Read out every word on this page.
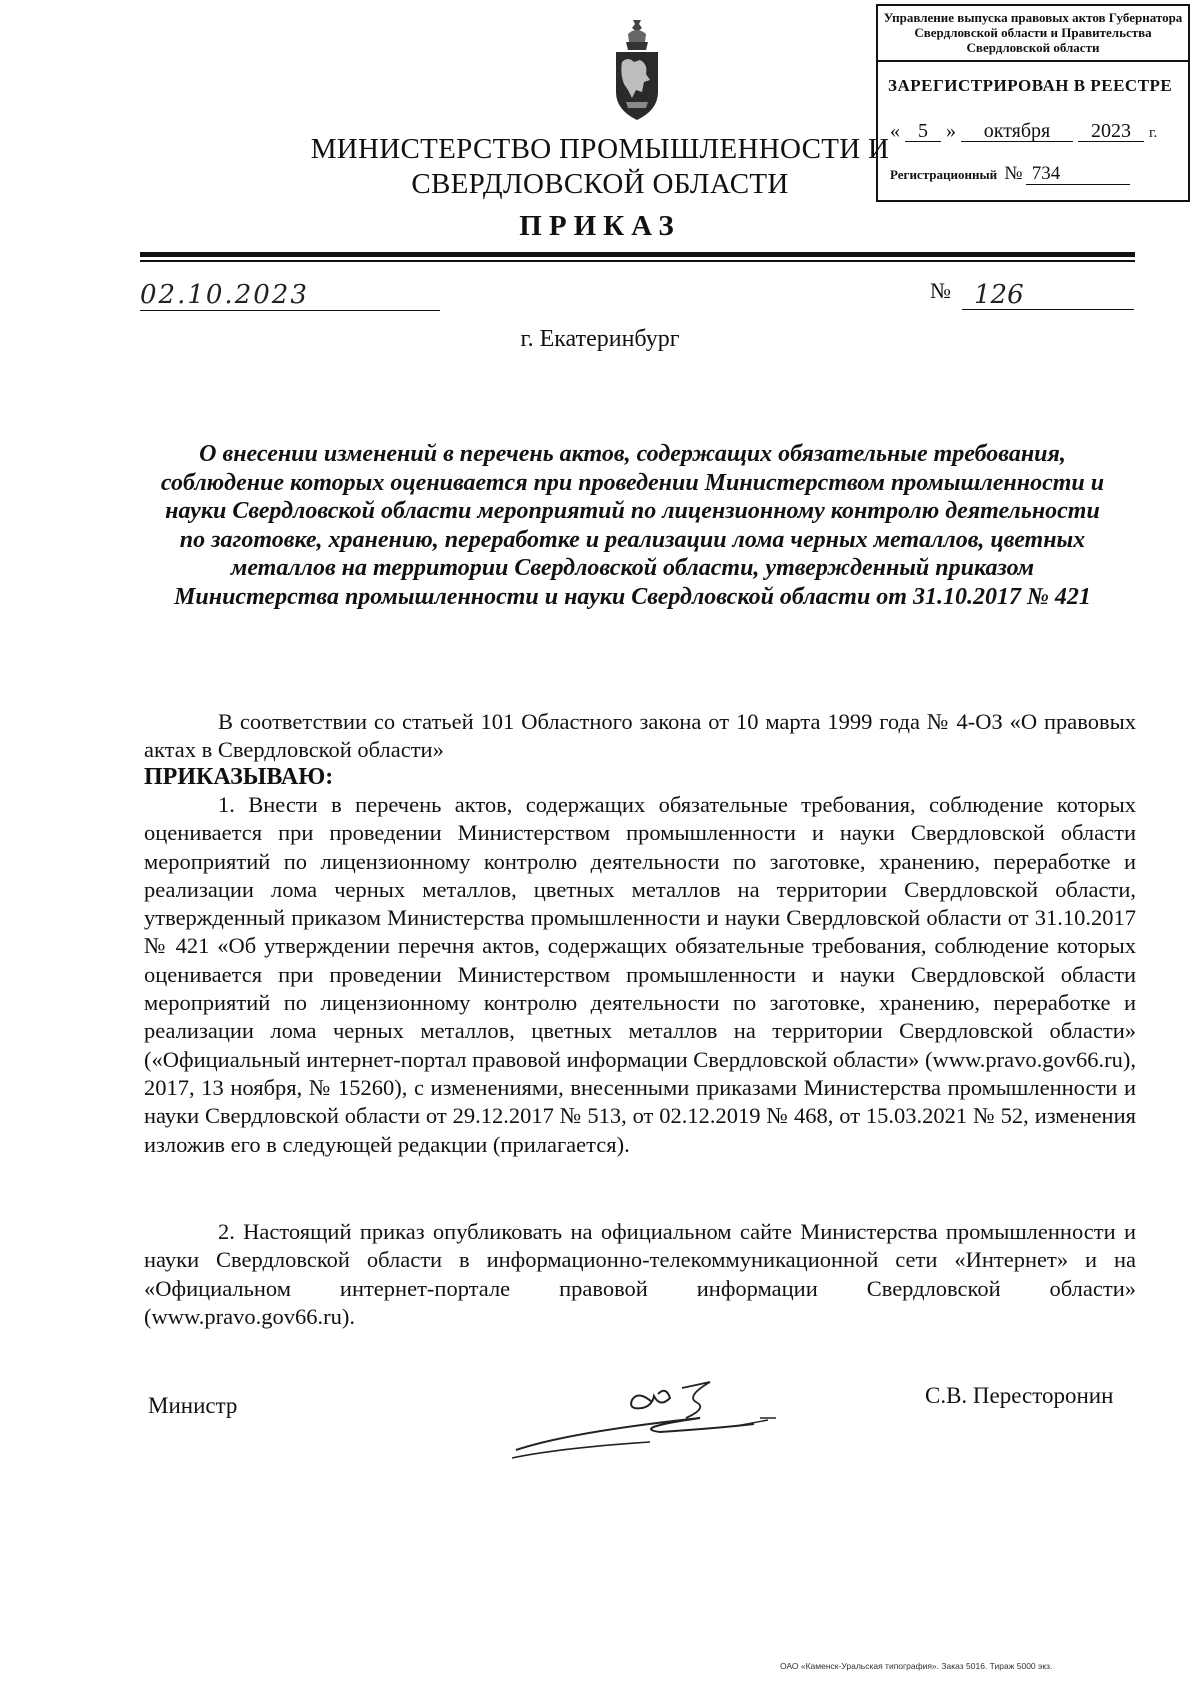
Управление выпуска правовых актов Губернатора Свердловской области и Правительства Свердловской области
ЗАРЕГИСТРИРОВАН В РЕЕСТРЕ
« 5 » октября 2023 г.
Регистрационный № 734
МИНИСТЕРСТВО ПРОМЫШЛЕННОСТИ И
СВЕРДЛОВСКОЙ ОБЛАСТИ
ПРИКАЗ
02.10.2023	№ 126
г. Екатеринбург
О внесении изменений в перечень актов, содержащих обязательные требования, соблюдение которых оценивается при проведении Министерством промышленности и науки Свердловской области мероприятий по лицензионному контролю деятельности по заготовке, хранению, переработке и реализации лома черных металлов, цветных металлов на территории Свердловской области, утвержденный приказом Министерства промышленности и науки Свердловской области от 31.10.2017 № 421
В соответствии со статьей 101 Областного закона от 10 марта 1999 года № 4-ОЗ «О правовых актах в Свердловской области»
ПРИКАЗЫВАЮ:
1. Внести в перечень актов, содержащих обязательные требования, соблюдение которых оценивается при проведении Министерством промышленности и науки Свердловской области мероприятий по лицензионному контролю деятельности по заготовке, хранению, переработке и реализации лома черных металлов, цветных металлов на территории Свердловской области, утвержденный приказом Министерства промышленности и науки Свердловской области от 31.10.2017 № 421 «Об утверждении перечня актов, содержащих обязательные требования, соблюдение которых оценивается при проведении Министерством промышленности и науки Свердловской области мероприятий по лицензионному контролю деятельности по заготовке, хранению, переработке и реализации лома черных металлов, цветных металлов на территории Свердловской области» («Официальный интернет-портал правовой информации Свердловской области» (www.pravo.gov66.ru), 2017, 13 ноября, № 15260), с изменениями, внесенными приказами Министерства промышленности и науки Свердловской области от 29.12.2017 № 513, от 02.12.2019 № 468, от 15.03.2021 № 52, изменения изложив его в следующей редакции (прилагается).
2. Настоящий приказ опубликовать на официальном сайте Министерства промышленности и науки Свердловской области в информационно-телекоммуникационной сети «Интернет» и на «Официальном интернет-портале правовой информации Свердловской области» (www.pravo.gov66.ru).
Министр	С.В. Пересторонин
ОАО «Каменск-Уральская типография». Заказ 5016. Тираж 5000 экз.
